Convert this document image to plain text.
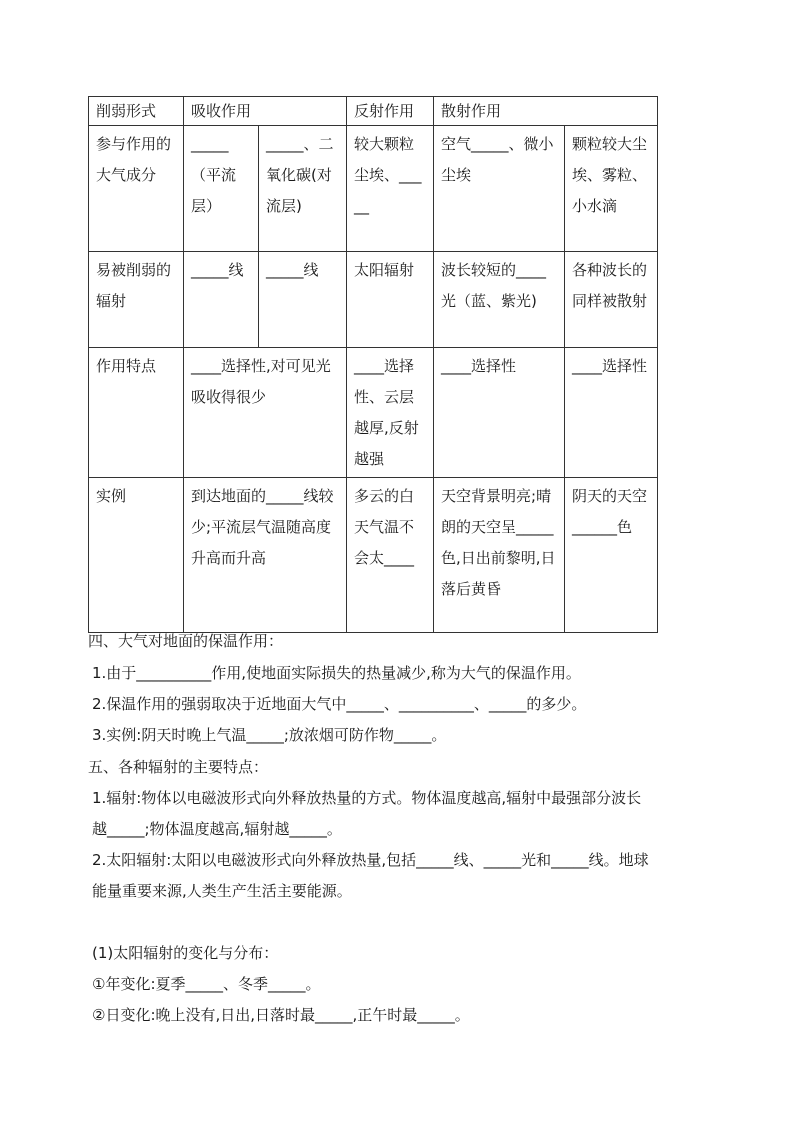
削弱形式	吸收作用		反射作用	散射作用	
参与作用的大气成分	_____（平流层）	_____、二氧化碳(对流层)	较大颗粒尘埃、_____	空气_____、微小尘埃	颗粒较大尘埃、雾粒、小水滴
易被削弱的辐射	_____线	_____线	太阳辐射	波长较短的____光（蓝、紫光)	各种波长的同样被散射
作用特点	____选择性,对可见光吸收得很少		____选择性、云层越厚,反射越强	____选择性	____选择性
实例	到达地面的_____线较少;平流层气温随高度升高而升高		多云的白天气温不会太____	天空背景明亮;晴朗的天空呈_____色,日出前黎明,日落后黄昏	阴天的天空______色
四、大气对地面的保温作用：
1.由于__________作用,使地面实际损失的热量减少,称为大气的保温作用。
2.保温作用的强弱取决于近地面大气中_____、__________、_____的多少。
3.实例:阴天时晚上气温_____;放浓烟可防作物_____。
五、各种辐射的主要特点：
1.辐射:物体以电磁波形式向外释放热量的方式。物体温度越高,辐射中最强部分波长
越_____;物体温度越高,辐射越_____。
2.太阳辐射:太阳以电磁波形式向外释放热量,包括_____线、_____光和_____线。地球
能量重要来源,人类生产生活主要能源。
(1)太阳辐射的变化与分布：
①年变化:夏季_____、冬季_____。
②日变化:晚上没有,日出,日落时最_____,正午时最_____。
